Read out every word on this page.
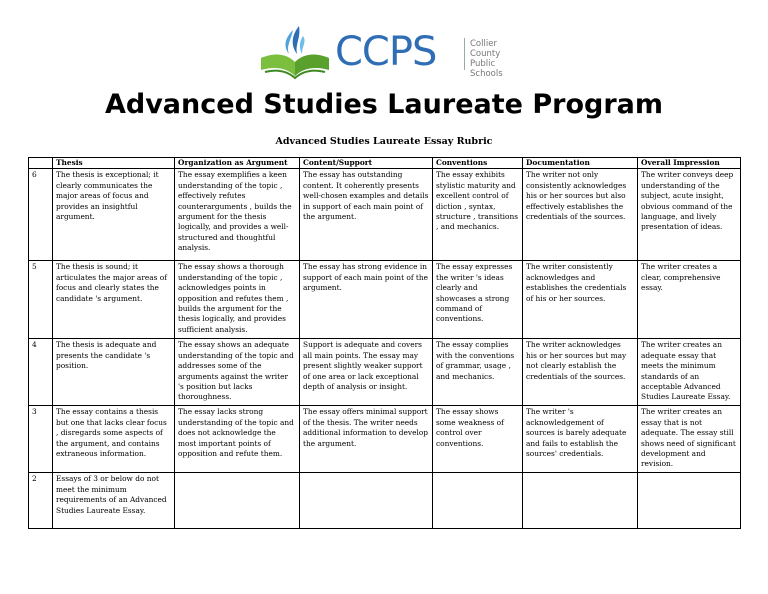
CCPS	Collier County
Public Schools
Advanced Studies Laureate Program
Advanced Studies Laureate Essay Rubric
	Thesis	Organization as Argument	Content/Support	Conventions	Documentation	Overall Impression
6	The thesis is exceptional; it clearly communicates the major areas of focus and provides an insightful argument.	The essay exemplifies a keen understanding of the topic , effectively refutes counterarguments , builds the argument for the thesis logically, and provides a well-structured and thoughtful analysis.	The essay has outstanding content. It coherently presents well-chosen examples and details in support of each main point of the argument.	The essay exhibits stylistic maturity and excellent control of diction , syntax, structure , transitions , and mechanics.	The writer not only consistently acknowledges his or her sources but also effectively establishes the credentials of the sources.	The writer conveys deep understanding of the subject, acute insight, obvious command of the language, and lively presentation of ideas.
5	The thesis is sound; it articulates the major areas of focus and clearly states the candidate 's argument.	The essay shows a thorough understanding of the topic , acknowledges points in opposition and refutes them , builds the argument for the thesis logically, and provides sufficient analysis.	The essay has strong evidence in support of each main point of the argument.	The essay expresses the writer 's ideas clearly and showcases a strong command of conventions.	The writer consistently acknowledges and establishes the credentials of his or her sources.	The writer creates a clear, comprehensive essay.
4	The thesis is adequate and presents the candidate 's position.	The essay shows an adequate understanding of the topic and addresses some of the arguments against the writer 's position but lacks thoroughness.	Support is adequate and covers all main points. The essay may present slightly weaker support of one area or lack exceptional depth of analysis or insight.	The essay complies with the conventions of grammar, usage , and mechanics.	The writer acknowledges his or her sources but may not clearly establish the credentials of the sources.	The writer creates an adequate essay that meets the minimum standards of an acceptable Advanced Studies Laureate Essay.
3	The essay contains a thesis but one that lacks clear focus , disregards some aspects of the argument, and contains extraneous information.	The essay lacks strong understanding of the topic and does not acknowledge the most important points of opposition and refute them.	The essay offers minimal support of the thesis. The writer needs additional information to develop the argument.	The essay shows some weakness of control over conventions.	The writer 's acknowledgement of sources is barely adequate and fails to establish the sources' credentials.	The writer creates an essay that is not adequate. The essay still shows need of significant development and revision.
2	Essays of 3 or below do not meet the minimum requirements of an Advanced Studies Laureate Essay.					
